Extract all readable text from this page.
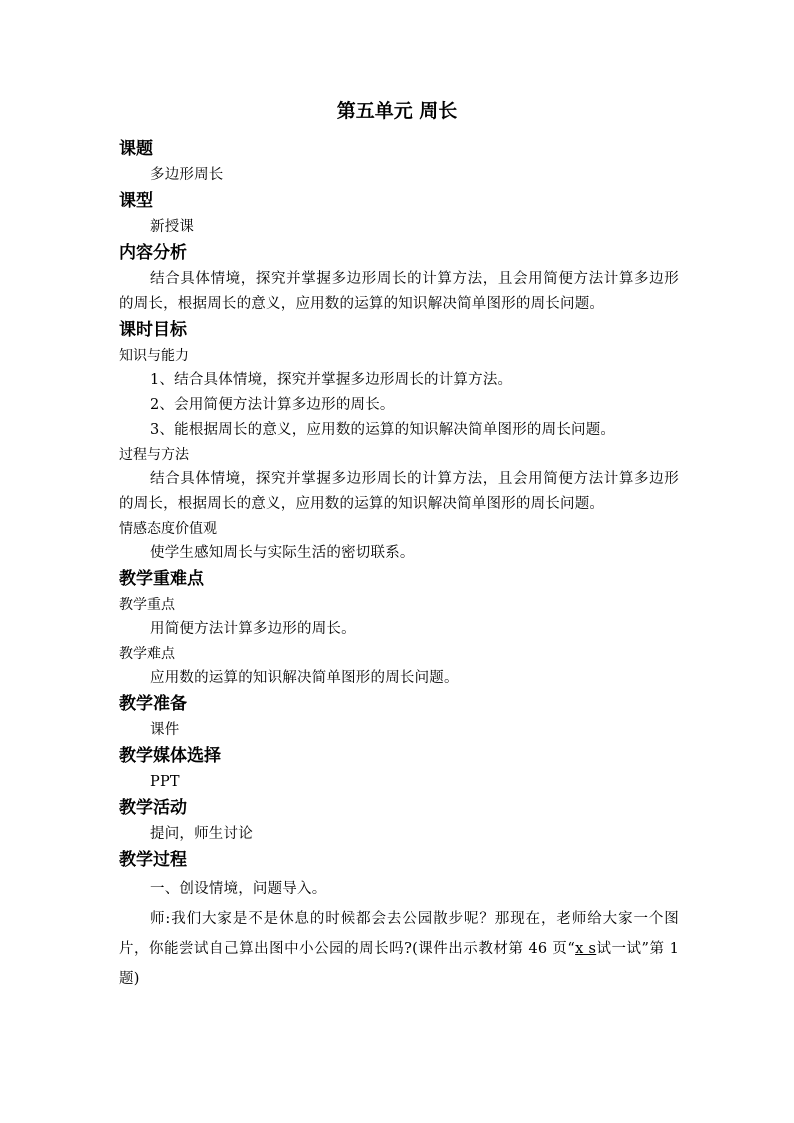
第五单元 周长

课题

多边形周长

课型

新授课

内容分析

结合具体情境，探究并掌握多边形周长的计算方法，且会用简便方法计算多边形的周长，根据周长的意义，应用数的运算的知识解决简单图形的周长问题。

课时目标

知识与能力

1、结合具体情境，探究并掌握多边形周长的计算方法。

2、会用简便方法计算多边形的周长。

3、能根据周长的意义，应用数的运算的知识解决简单图形的周长问题。

过程与方法

结合具体情境，探究并掌握多边形周长的计算方法，且会用简便方法计算多边形的周长，根据周长的意义，应用数的运算的知识解决简单图形的周长问题。

情感态度价值观

使学生感知周长与实际生活的密切联系。

教学重难点

教学重点

用简便方法计算多边形的周长。

教学难点

应用数的运算的知识解决简单图形的周长问题。

教学准备

课件

教学媒体选择

PPT

教学活动

提问，师生讨论

教学过程

一、创设情境，问题导入。

师:我们大家是不是休息的时候都会去公园散步呢？那现在，老师给大家一个图片，你能尝试自己算出图中小公园的周长吗?(课件出示教材第 46 页“x s试一试”第 1 题)
